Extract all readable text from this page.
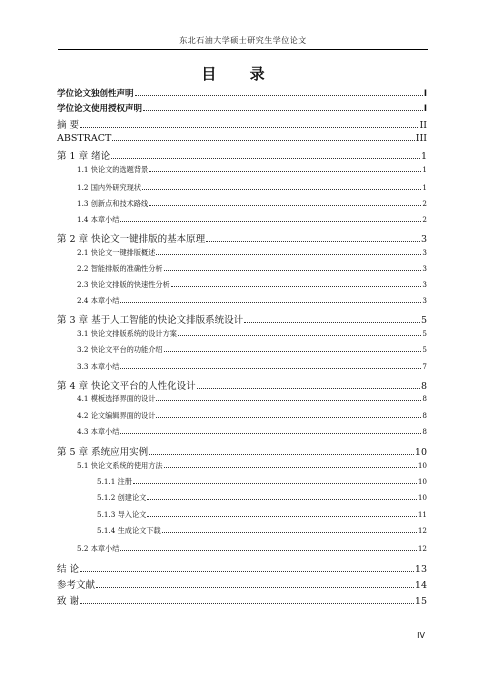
东北石油大学硕士研究生学位论文
目 录
学位论文独创性声明	I
学位论文使用授权声明	I
摘 要	II
ABSTRACT	III
第 1 章 绪论	1
1.1 快论文的选题背景	1
1.2 国内外研究现状	1
1.3 创新点和技术路线	2
1.4 本章小结	2
第 2 章 快论文一键排版的基本原理	3
2.1 快论文一键排版概述	3
2.2 智能排版的准确性分析	3
2.3 快论文排版的快速性分析	3
2.4 本章小结	3
第 3 章 基于人工智能的快论文排版系统设计	5
3.1 快论文排版系统的设计方案	5
3.2 快论文平台的功能介绍	5
3.3 本章小结	7
第 4 章 快论文平台的人性化设计	8
4.1 模板选择界面的设计	8
4.2 论文编辑界面的设计	8
4.3 本章小结	8
第 5 章 系统应用实例	10
5.1 快论文系统的使用方法	10
5.1.1 注册	10
5.1.2 创建论文	10
5.1.3 导入论文	11
5.1.4 生成论文下载	12
5.2 本章小结	12
结 论	13
参考文献	14
致 谢	15
IV
